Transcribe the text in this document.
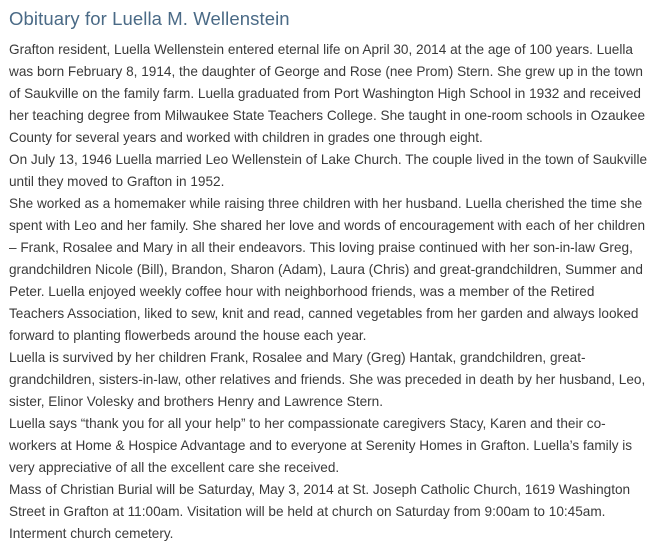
Obituary for Luella M. Wellenstein

Grafton resident, Luella Wellenstein entered eternal life on April 30, 2014 at the age of 100 years. Luella was born February 8, 1914, the daughter of George and Rose (nee Prom) Stern. She grew up in the town of Saukville on the family farm. Luella graduated from Port Washington High School in 1932 and received her teaching degree from Milwaukee State Teachers College. She taught in one-room schools in Ozaukee County for several years and worked with children in grades one through eight.

On July 13, 1946 Luella married Leo Wellenstein of Lake Church. The couple lived in the town of Saukville until they moved to Grafton in 1952.

She worked as a homemaker while raising three children with her husband. Luella cherished the time she spent with Leo and her family. She shared her love and words of encouragement with each of her children – Frank, Rosalee and Mary in all their endeavors. This loving praise continued with her son-in-law Greg, grandchildren Nicole (Bill), Brandon, Sharon (Adam), Laura (Chris) and great-grandchildren, Summer and Peter. Luella enjoyed weekly coffee hour with neighborhood friends, was a member of the Retired Teachers Association, liked to sew, knit and read, canned vegetables from her garden and always looked forward to planting flowerbeds around the house each year.

Luella is survived by her children Frank, Rosalee and Mary (Greg) Hantak, grandchildren, great-grandchildren, sisters-in-law, other relatives and friends. She was preceded in death by her husband, Leo, sister, Elinor Volesky and brothers Henry and Lawrence Stern.

Luella says “thank you for all your help” to her compassionate caregivers Stacy, Karen and their co-workers at Home & Hospice Advantage and to everyone at Serenity Homes in Grafton. Luella’s family is very appreciative of all the excellent care she received.

Mass of Christian Burial will be Saturday, May 3, 2014 at St. Joseph Catholic Church, 1619 Washington Street in Grafton at 11:00am. Visitation will be held at church on Saturday from 9:00am to 10:45am. Interment church cemetery.
